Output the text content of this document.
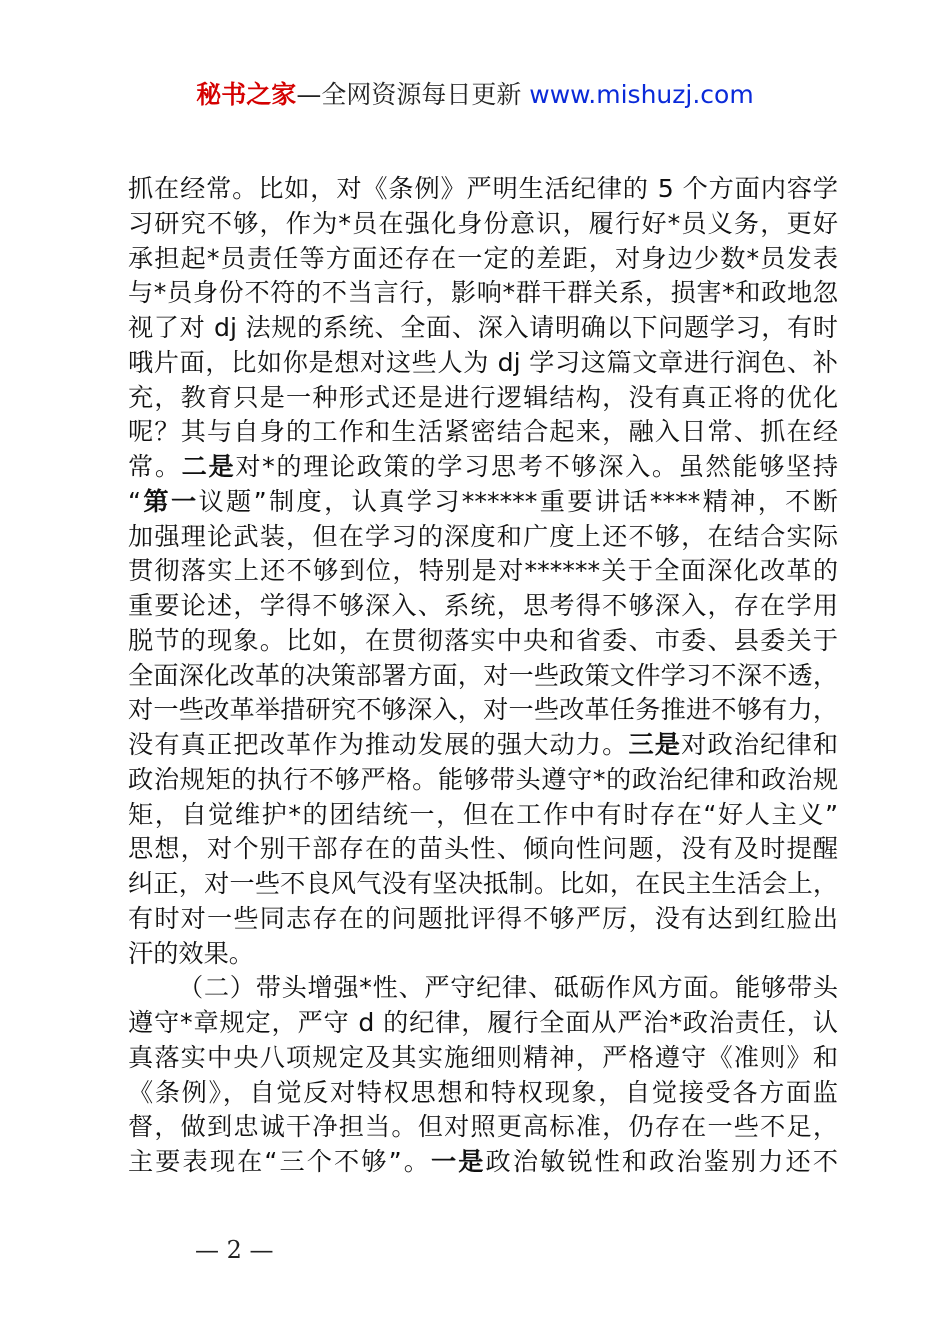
秘书之家—全网资源每日更新 www.mishuzj.com
抓在经常。比如，对《条例》严明生活纪律的 5 个方面内容学
习研究不够，作为*员在强化身份意识，履行好*员义务，更好
承担起*员责任等方面还存在一定的差距，对身边少数*员发表
与*员身份不符的不当言行，影响*群干群关系，损害*和政地忽
视了对 dj 法规的系统、全面、深入请明确以下问题学习，有时
哦片面，比如你是想对这些人为 dj 学习这篇文章进行润色、补
充，教育只是一种形式还是进行逻辑结构，没有真正将的优化
呢？其与自身的工作和生活紧密结合起来，融入日常、抓在经
常。二是对*的理论政策的学习思考不够深入。虽然能够坚持
“第一议题”制度，认真学习******重要讲话****精神，不断
加强理论武装，但在学习的深度和广度上还不够，在结合实际
贯彻落实上还不够到位，特别是对******关于全面深化改革的
重要论述，学得不够深入、系统，思考得不够深入，存在学用
脱节的现象。比如，在贯彻落实中央和省委、市委、县委关于
全面深化改革的决策部署方面，对一些政策文件学习不深不透，
对一些改革举措研究不够深入，对一些改革任务推进不够有力，
没有真正把改革作为推动发展的强大动力。三是对政治纪律和
政治规矩的执行不够严格。能够带头遵守*的政治纪律和政治规
矩，自觉维护*的团结统一，但在工作中有时存在“好人主义”
思想，对个别干部存在的苗头性、倾向性问题，没有及时提醒
纠正，对一些不良风气没有坚决抵制。比如，在民主生活会上，
有时对一些同志存在的问题批评得不够严厉，没有达到红脸出
汗的效果。
（二）带头增强*性、严守纪律、砥砺作风方面。能够带头
遵守*章规定，严守 d 的纪律，履行全面从严治*政治责任，认
真落实中央八项规定及其实施细则精神，严格遵守《准则》和
《条例》，自觉反对特权思想和特权现象，自觉接受各方面监
督，做到忠诚干净担当。但对照更高标准，仍存在一些不足，
主要表现在“三个不够”。一是政治敏锐性和政治鉴别力还不
— 2 —
